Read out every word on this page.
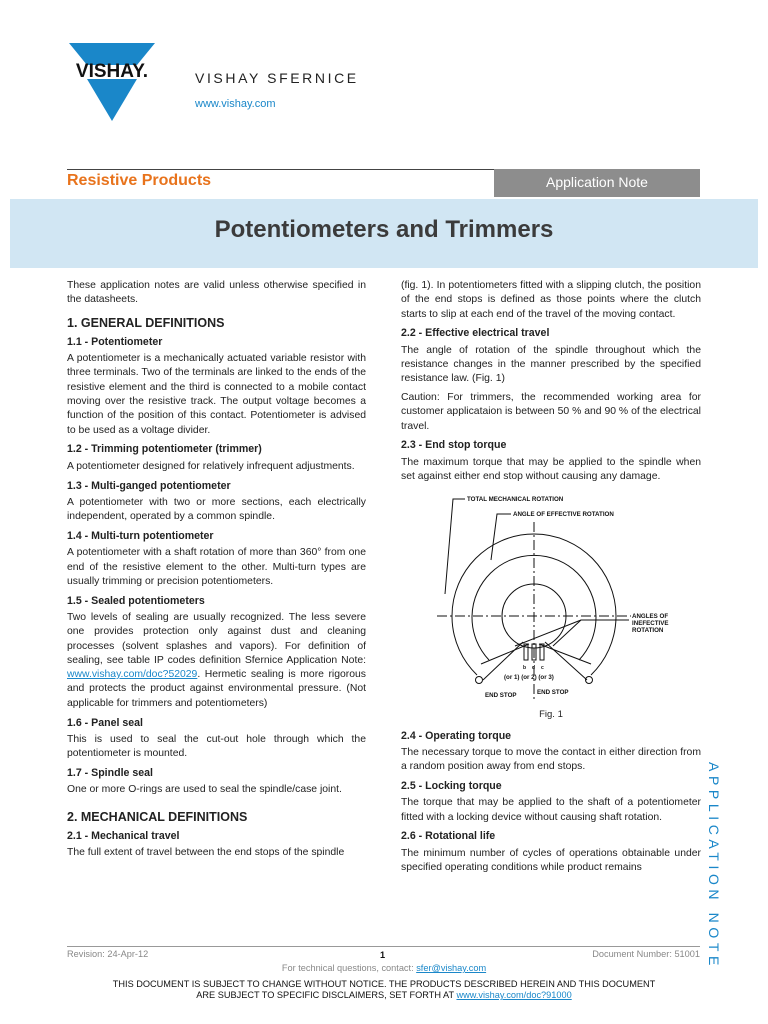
VISHAY.	VISHAY SFERNICE
www.vishay.com
Resistive Products	Application Note
Potentiometers and Trimmers

These application notes are valid unless otherwise specified in the datasheets.

1. GENERAL DEFINITIONS
1.1 - Potentiometer

A potentiometer is a mechanically actuated variable resistor with three terminals. Two of the terminals are linked to the ends of the resistive element and the third is connected to a mobile contact moving over the resistive track. The output voltage becomes a function of the position of this contact. Potentiometer is advised to be used as a voltage divider.

1.2 - Trimming potentiometer (trimmer)

A potentiometer designed for relatively infrequent adjustments.

1.3 - Multi-ganged potentiometer

A potentiometer with two or more sections, each electrically independent, operated by a common spindle.

1.4 - Multi-turn potentiometer

A potentiometer with a shaft rotation of more than 360° from one end of the resistive element to the other. Multi-turn types are usually trimming or precision potentiometers.

1.5 - Sealed potentiometers

Two levels of sealing are usually recognized. The less severe one provides protection only against dust and cleaning processes (solvent splashes and vapors). For definition of sealing, see table IP codes definition Sfernice Application Note: www.vishay.com/doc?52029. Hermetic sealing is more rigorous and protects the product against environmental pressure. (Not applicable for trimmers and potentiometers)

1.6 - Panel seal

This is used to seal the cut-out hole through which the potentiometer is mounted.

1.7 - Spindle seal

One or more O-rings are used to seal the spindle/case joint.

2. MECHANICAL DEFINITIONS
2.1 - Mechanical travel

The full extent of travel between the end stops of the spindle

(fig. 1). In potentiometers fitted with a slipping clutch, the position of the end stops is defined as those points where the clutch starts to slip at each end of the travel of the moving contact.

2.2 - Effective electrical travel

The angle of rotation of the spindle throughout which the resistance changes in the manner prescribed by the specified resistance law. (Fig. 1)

Caution: For trimmers, the recommended working area for customer applicataion is between 50 % and 90 % of the electrical travel.

2.3 - End stop torque

The maximum torque that may be applied to the spindle when set against either end stop without causing any damage.

TOTAL MECHANICAL ROTATION
ANGLE OF EFFECTIVE ROTATION
ANGLES OF
INEFECTIVE
ROTATION
b d c
(or 1) (or 2) (or 3)
END STOP	END STOP
Fig. 1
2.4 - Operating torque

The necessary torque to move the contact in either direction from a random position away from end stops.

2.5 - Locking torque

The torque that may be applied to the shaft of a potentiometer fitted with a locking device without causing shaft rotation.

2.6 - Rotational life

The minimum number of cycles of operations obtainable under specified operating conditions while product remains	APPLICATION NOTE
Revision: 24-Apr-12	1	Document Number: 51001
For technical questions, contact: sfer@vishay.com
THIS DOCUMENT IS SUBJECT TO CHANGE WITHOUT NOTICE. THE PRODUCTS DESCRIBED HEREIN AND THIS DOCUMENT
ARE SUBJECT TO SPECIFIC DISCLAIMERS, SET FORTH AT www.vishay.com/doc?91000
